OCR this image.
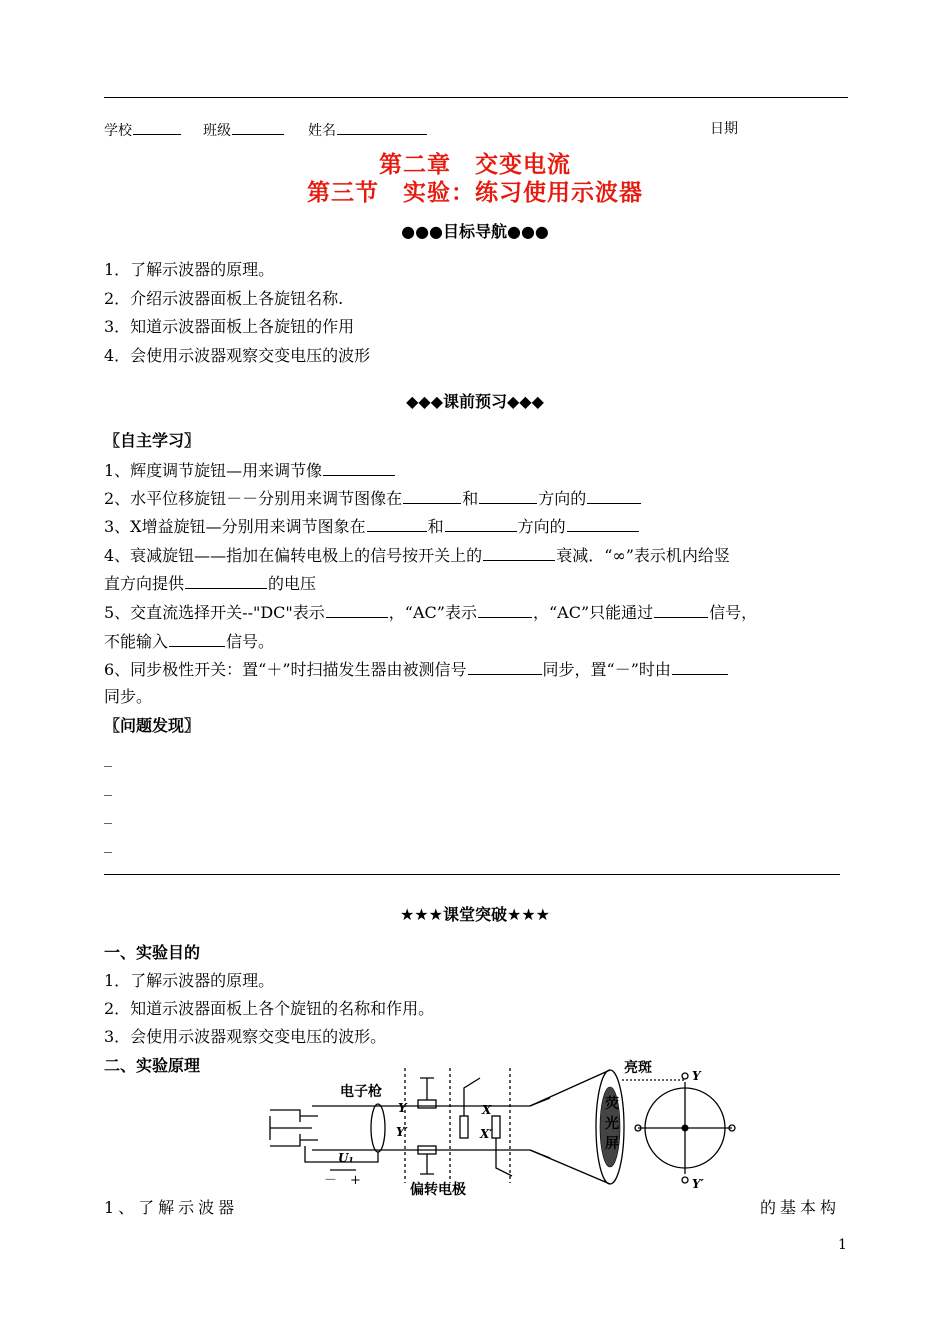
学校	班级	姓名	日期
第二章　交变电流
第三节　实验：练习使用示波器
●●●目标导航●●●
1．了解示波器的原理。
2．介绍示波器面板上各旋钮名称.
3．知道示波器面板上各旋钮的作用
4．会使用示波器观察交变电压的波形
◆◆◆课前预习◆◆◆
〖自主学习〗
1、辉度调节旋钮—用来调节像
2、水平位移旋钮－－分别用来调节图像在	和	方向的
3、X增益旋钮—分别用来调节图象在	和	方向的
4、衰减旋钮——指加在偏转电极上的信号按开关上的	衰减．“∞”表示机内给竖
直方向提供	的电压
5、交直流选择开关--"DC"表示	，“AC”表示	，“AC”只能通过	信号，
不能输入	信号。
6、同步极性开关：置“＋”时扫描发生器由被测信号	同步，置“－”时由
同步。
〖问题发现〗
_
_
_
_
★★★课堂突破★★★
一、实验目的
1．了解示波器的原理。
2．知道示波器面板上各个旋钮的名称和作用。
3．会使用示波器观察交变电压的波形。
二、实验原理
电子枪
偏转电极
荧
光
屏
亮斑
Y
Y′
X
X′
U₁
－ +
Y
Y′
1、了解示波器	的基本构
1
